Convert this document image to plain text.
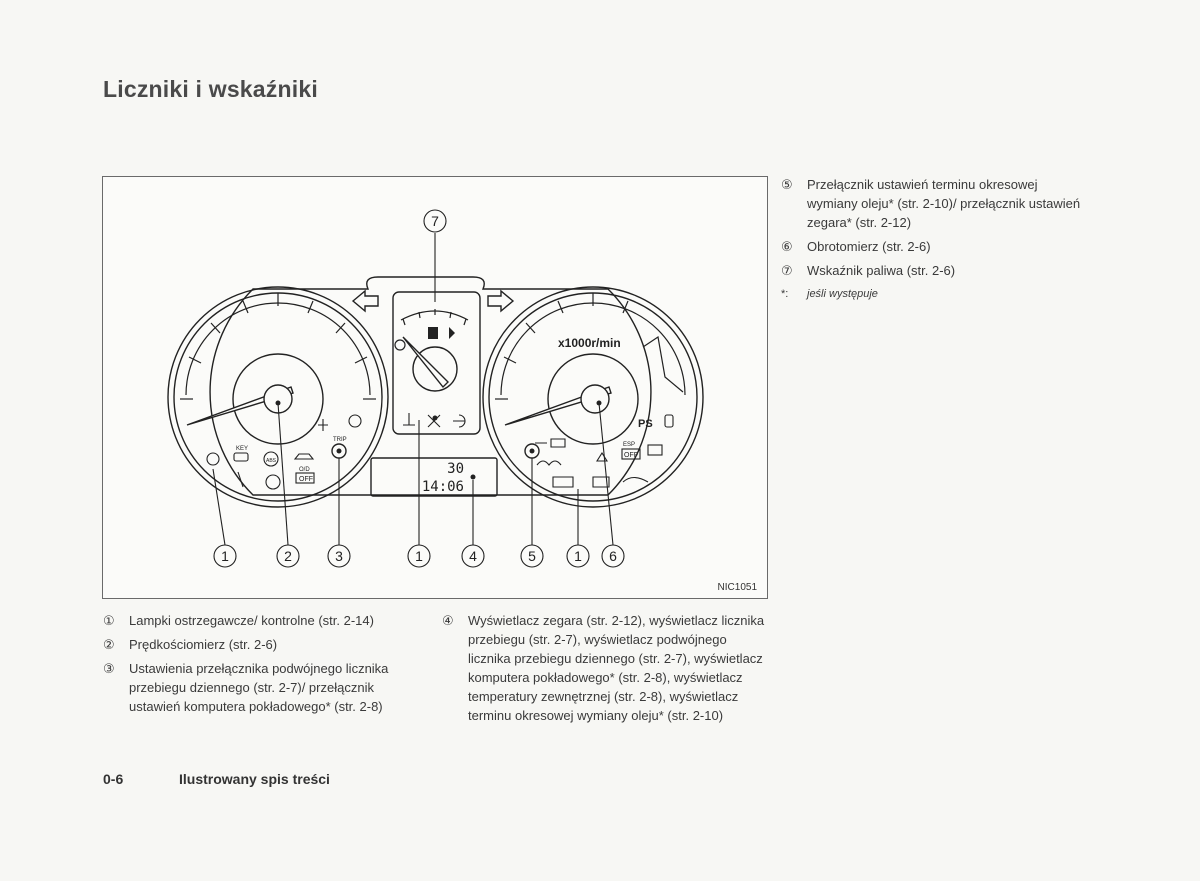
Liczniki i wskaźniki
1	2	3	1	4	5	1 6
7
x1000r/min
TRIP
KEY
ABS
O/D
OFF
ESP
OFF
PS
30
14:06
NIC1051
⑤ Przełącznik ustawień terminu okresowej wymiany oleju* (str. 2-10)/ przełącznik ustawień zegara* (str. 2-12)
⑥ Obrotomierz (str. 2-6)
⑦ Wskaźnik paliwa (str. 2-6)
*: jeśli występuje
① Lampki ostrzegawcze/ kontrolne (str. 2-14)
② Prędkościomierz (str. 2-6)
③ Ustawienia przełącznika podwójnego licznika przebiegu dziennego (str. 2-7)/ przełącznik ustawień komputera pokładowego* (str. 2-8)
④ Wyświetlacz zegara (str. 2-12), wyświetlacz licznika przebiegu (str. 2-7), wyświetlacz podwójnego licznika przebiegu dziennego (str. 2-7), wyświetlacz komputera pokładowego* (str. 2-8), wyświetlacz temperatury zewnętrznej (str. 2-8), wyświetlacz terminu okresowej wymiany oleju* (str. 2-10)
0-6	Ilustrowany spis treści
